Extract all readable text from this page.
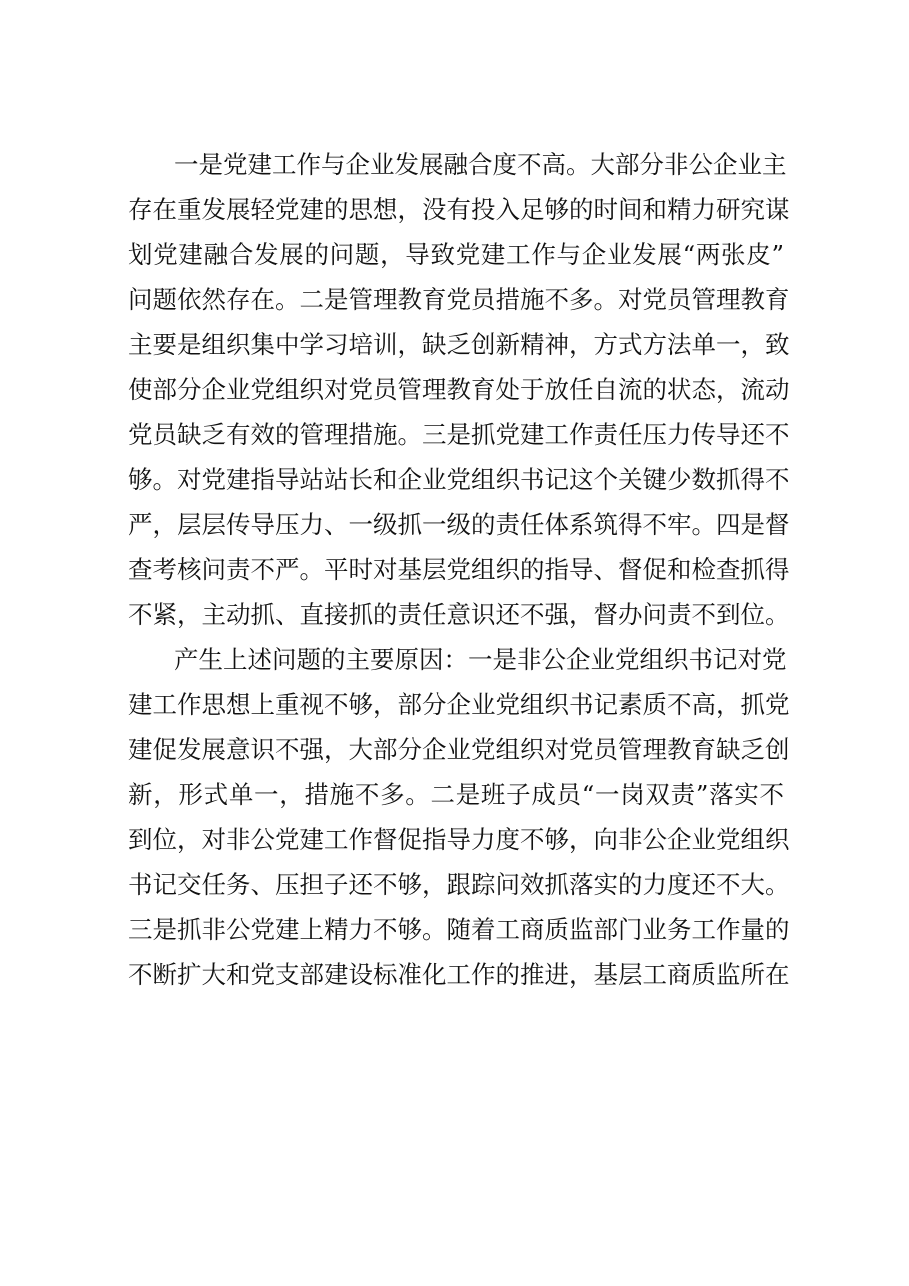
一是党建工作与企业发展融合度不高。大部分非公企业主
存在重发展轻党建的思想，没有投入足够的时间和精力研究谋
划党建融合发展的问题，导致党建工作与企业发展“两张皮”
问题依然存在。二是管理教育党员措施不多。对党员管理教育
主要是组织集中学习培训，缺乏创新精神，方式方法单一，致
使部分企业党组织对党员管理教育处于放任自流的状态，流动
党员缺乏有效的管理措施。三是抓党建工作责任压力传导还不
够。对党建指导站站长和企业党组织书记这个关键少数抓得不
严，层层传导压力、一级抓一级的责任体系筑得不牢。四是督
查考核问责不严。平时对基层党组织的指导、督促和检查抓得
不紧，主动抓、直接抓的责任意识还不强，督办问责不到位。
产生上述问题的主要原因：一是非公企业党组织书记对党
建工作思想上重视不够，部分企业党组织书记素质不高，抓党
建促发展意识不强，大部分企业党组织对党员管理教育缺乏创
新，形式单一，措施不多。二是班子成员“一岗双责”落实不
到位，对非公党建工作督促指导力度不够，向非公企业党组织
书记交任务、压担子还不够，跟踪问效抓落实的力度还不大。
三是抓非公党建上精力不够。随着工商质监部门业务工作量的
不断扩大和党支部建设标准化工作的推进，基层工商质监所在
